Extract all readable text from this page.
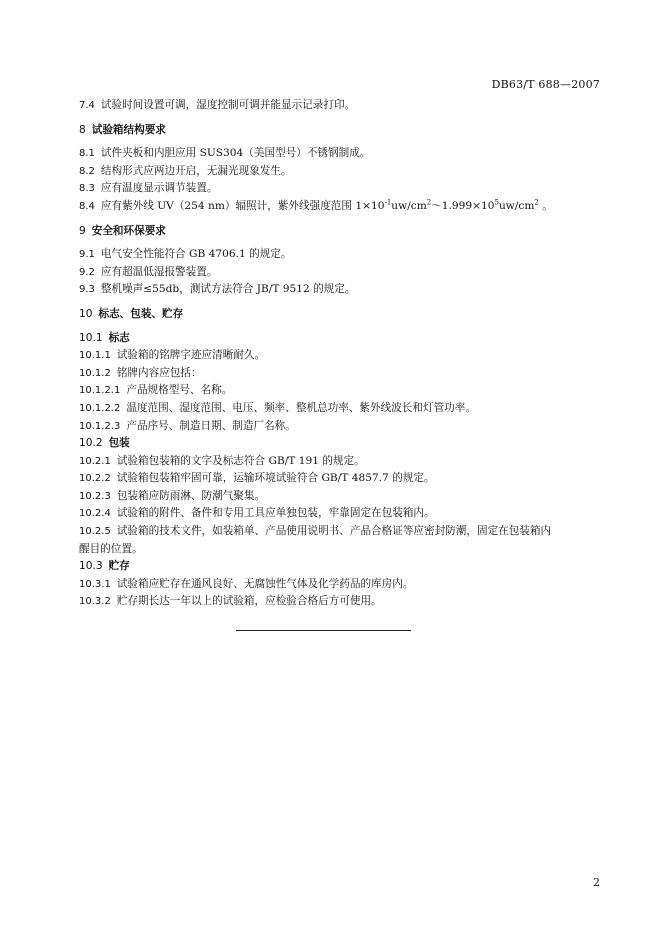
DB63/T 688—2007
7.4 试验时间设置可调，湿度控制可调并能显示记录打印。
8 试验箱结构要求
8.1 试件夹板和内胆应用 SUS304（美国型号）不锈钢制成。
8.2 结构形式应两边开启，无漏光现象发生。
8.3 应有温度显示调节装置。
8.4 应有紫外线 UV（254 nm）辐照计，紫外线强度范围 $1\times 10^{-1}uw/cm^2\sim 1.999\times 10^5uw/cm^2$ 。
9 安全和环保要求
9.1 电气安全性能符合 GB 4706.1 的规定。
9.2 应有超温低湿报警装置。
9.3 整机噪声≤55db，测试方法符合 JB/T 9512 的规定。
10 标志、包装、贮存
10.1 标志
10.1.1 试验箱的铭牌字迹应清晰耐久。
10.1.2 铭牌内容应包括：
10.1.2.1 产品规格型号、名称。
10.1.2.2 温度范围、湿度范围、电压、频率、整机总功率、紫外线波长和灯管功率。
10.1.2.3 产品序号、制造日期、制造厂名称。
10.2 包装
10.2.1 试验箱包装箱的文字及标志符合 GB/T 191 的规定。
10.2.2 试验箱包装箱牢固可靠，运输环境试验符合 GB/T 4857.7 的规定。
10.2.3 包装箱应防雨淋、防潮气聚集。
10.2.4 试验箱的附件、备件和专用工具应单独包装，牢靠固定在包装箱内。
10.2.5 试验箱的技术文件，如装箱单、产品使用说明书、产品合格证等应密封防潮，固定在包装箱内
醒目的位置。
10.3 贮存
10.3.1 试验箱应贮存在通风良好、无腐蚀性气体及化学药品的库房内。
10.3.2 贮存期长达一年以上的试验箱，应检验合格后方可使用。
2
